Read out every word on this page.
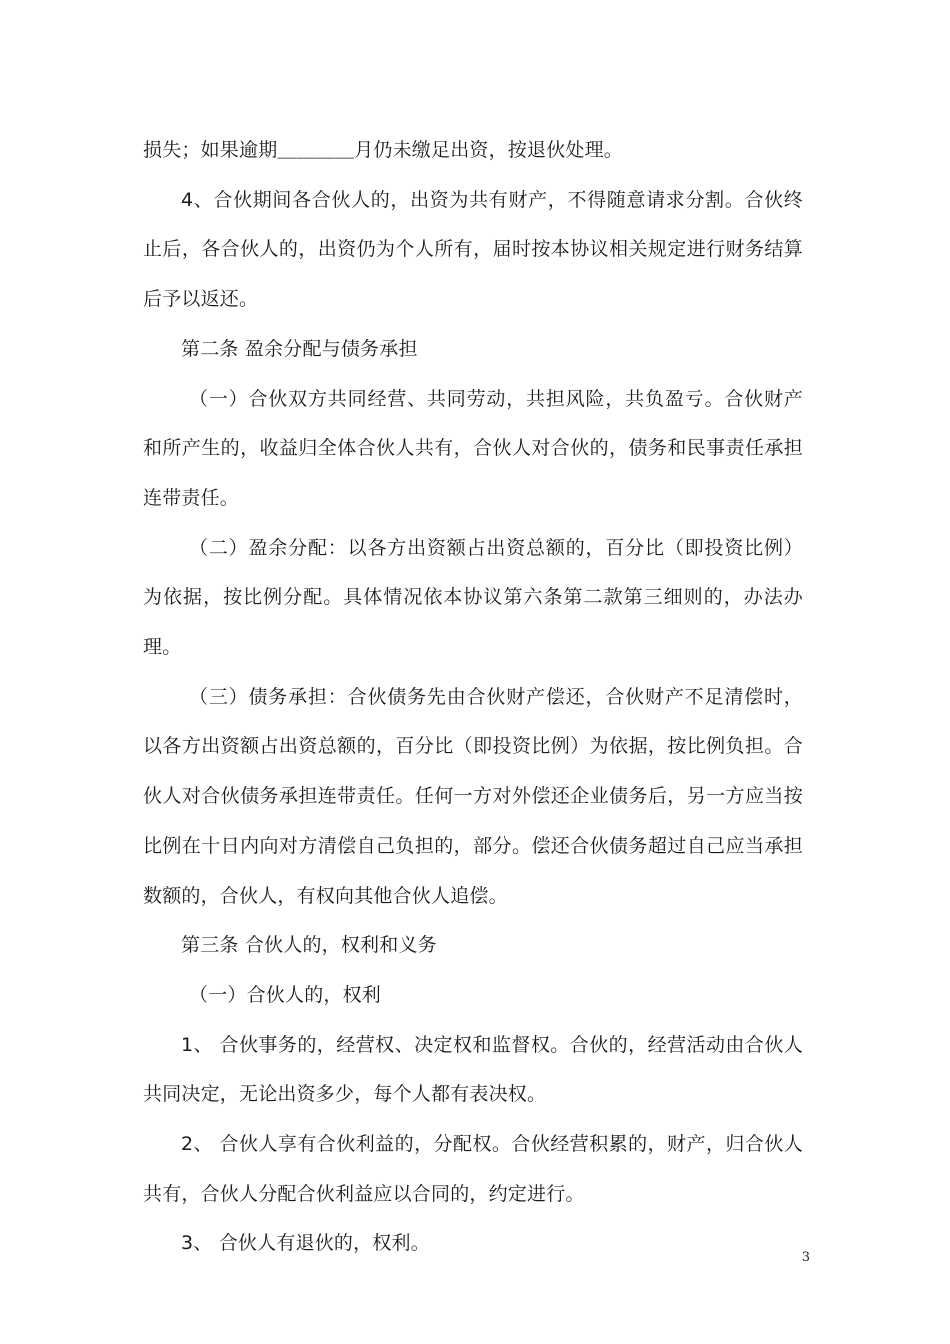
损失；如果逾期＿＿＿＿月仍未缴足出资，按退伙处理。

4、合伙期间各合伙人的，出资为共有财产，不得随意请求分割。合伙终止后，各合伙人的，出资仍为个人所有，届时按本协议相关规定进行财务结算后予以返还。

第二条 盈余分配与债务承担

（一）合伙双方共同经营、共同劳动，共担风险，共负盈亏。合伙财产和所产生的，收益归全体合伙人共有，合伙人对合伙的，债务和民事责任承担连带责任。

（二）盈余分配：以各方出资额占出资总额的，百分比（即投资比例）为依据，按比例分配。具体情况依本协议第六条第二款第三细则的，办法办理。

（三）债务承担：合伙债务先由合伙财产偿还，合伙财产不足清偿时，以各方出资额占出资总额的，百分比（即投资比例）为依据，按比例负担。合伙人对合伙债务承担连带责任。任何一方对外偿还企业债务后，另一方应当按比例在十日内向对方清偿自己负担的，部分。偿还合伙债务超过自己应当承担数额的，合伙人，有权向其他合伙人追偿。

第三条 合伙人的，权利和义务

（一）合伙人的，权利

1、 合伙事务的，经营权、决定权和监督权。合伙的，经营活动由合伙人共同决定，无论出资多少，每个人都有表决权。

2、 合伙人享有合伙利益的，分配权。合伙经营积累的，财产，归合伙人共有，合伙人分配合伙利益应以合同的，约定进行。

3、 合伙人有退伙的，权利。

3
